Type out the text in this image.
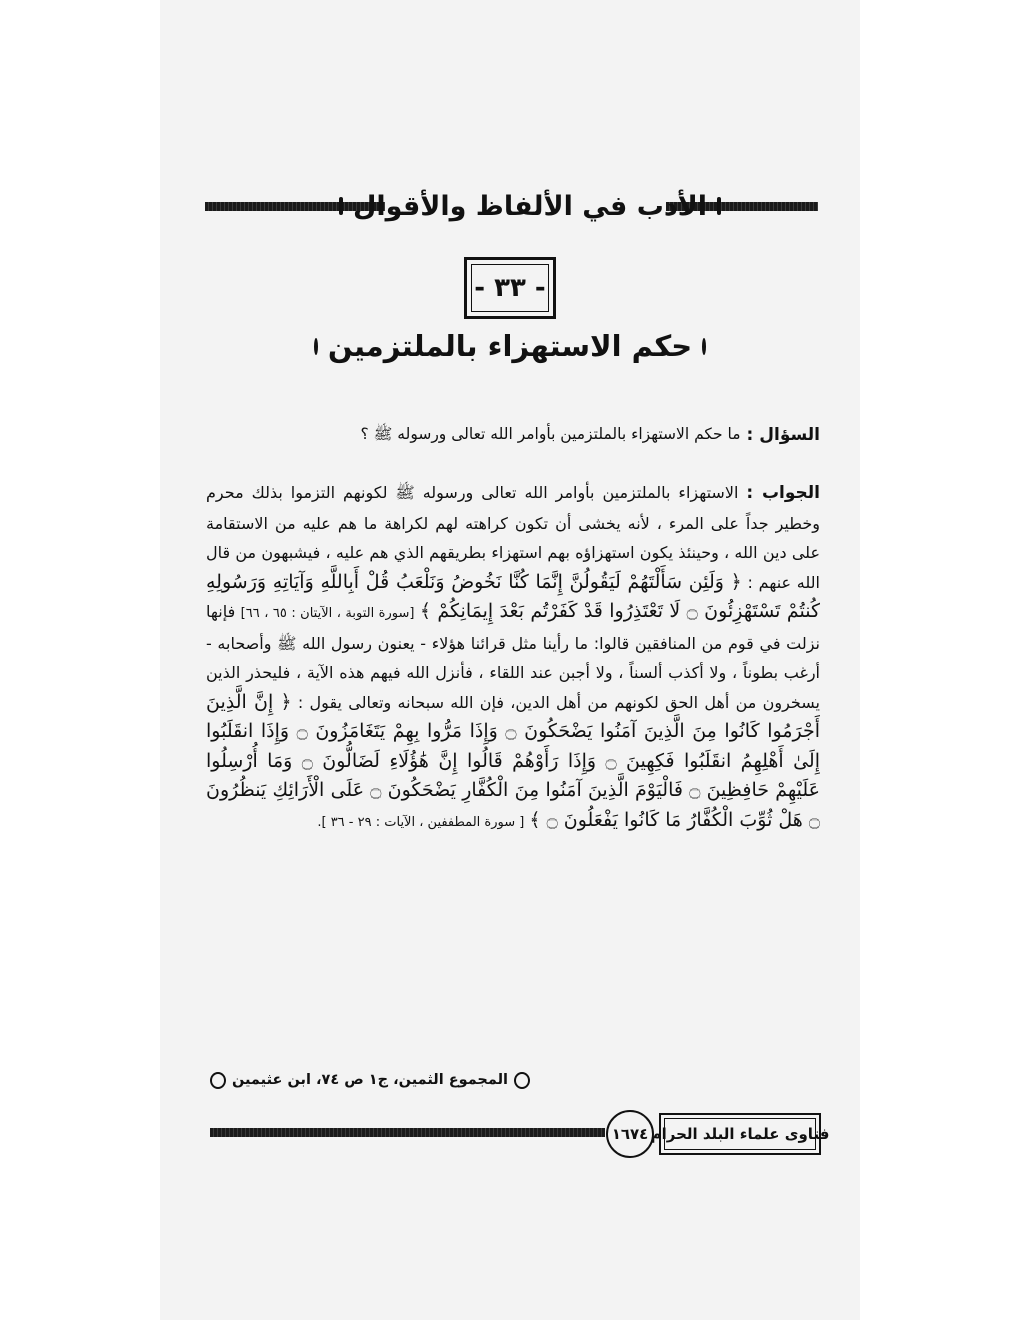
الأدب في الألفاظ والأقوال
- ٣٣ -
حكم الاستهزاء بالملتزمين
السؤال :
ما حكم الاستهزاء بالملتزمين بأوامر الله تعالى ورسوله ﷺ ؟
الجواب : الاستهزاء بالملتزمين بأوامر الله تعالى ورسوله ﷺ لكونهم التزموا بذلك محرم وخطير جداً على المرء ، لأنه يخشى أن تكون كراهته لهم لكراهة ما هم عليه من الاستقامة على دين الله ، وحينئذ يكون استهزاؤه بهم استهزاء بطريقهم الذي هم عليه ، فيشبهون من قال الله عنهم : ﴿ وَلَئِن سَأَلْتَهُمْ لَيَقُولُنَّ إِنَّمَا كُنَّا نَخُوضُ وَنَلْعَبُ قُلْ أَبِاللَّهِ وَآيَاتِهِ وَرَسُولِهِ كُنتُمْ تَسْتَهْزِئُونَ ۝ لَا تَعْتَذِرُوا قَدْ كَفَرْتُم بَعْدَ إِيمَانِكُمْ ﴾ [سورة التوبة ، الآيتان : ٦٥ ، ٦٦] فإنها نزلت في قوم من المنافقين قالوا: ما رأينا مثل قرائنا هؤلاء - يعنون رسول الله ﷺ وأصحابه - أرغب بطوناً ، ولا أكذب ألسناً ، ولا أجبن عند اللقاء ، فأنزل الله فيهم هذه الآية ، فليحذر الذين يسخرون من أهل الحق لكونهم من أهل الدين، فإن الله سبحانه وتعالى يقول : ﴿ إِنَّ الَّذِينَ أَجْرَمُوا كَانُوا مِنَ الَّذِينَ آمَنُوا يَضْحَكُونَ ۝ وَإِذَا مَرُّوا بِهِمْ يَتَغَامَزُونَ ۝ وَإِذَا انقَلَبُوا إِلَىٰ أَهْلِهِمُ انقَلَبُوا فَكِهِينَ ۝ وَإِذَا رَأَوْهُمْ قَالُوا إِنَّ هَٰؤُلَاءِ لَضَالُّونَ ۝ وَمَا أُرْسِلُوا عَلَيْهِمْ حَافِظِينَ ۝ فَالْيَوْمَ الَّذِينَ آمَنُوا مِنَ الْكُفَّارِ يَضْحَكُونَ ۝ عَلَى الْأَرَائِكِ يَنظُرُونَ ۝ هَلْ ثُوِّبَ الْكُفَّارُ مَا كَانُوا يَفْعَلُونَ ۝ ﴾ [ سورة المطففين ، الآيات : ٢٩ - ٣٦ ].
المجموع الثمين، ج١ ص ٧٤، ابن عثيمين
١٦٧٤ فتاوى علماء البلد الحرام
